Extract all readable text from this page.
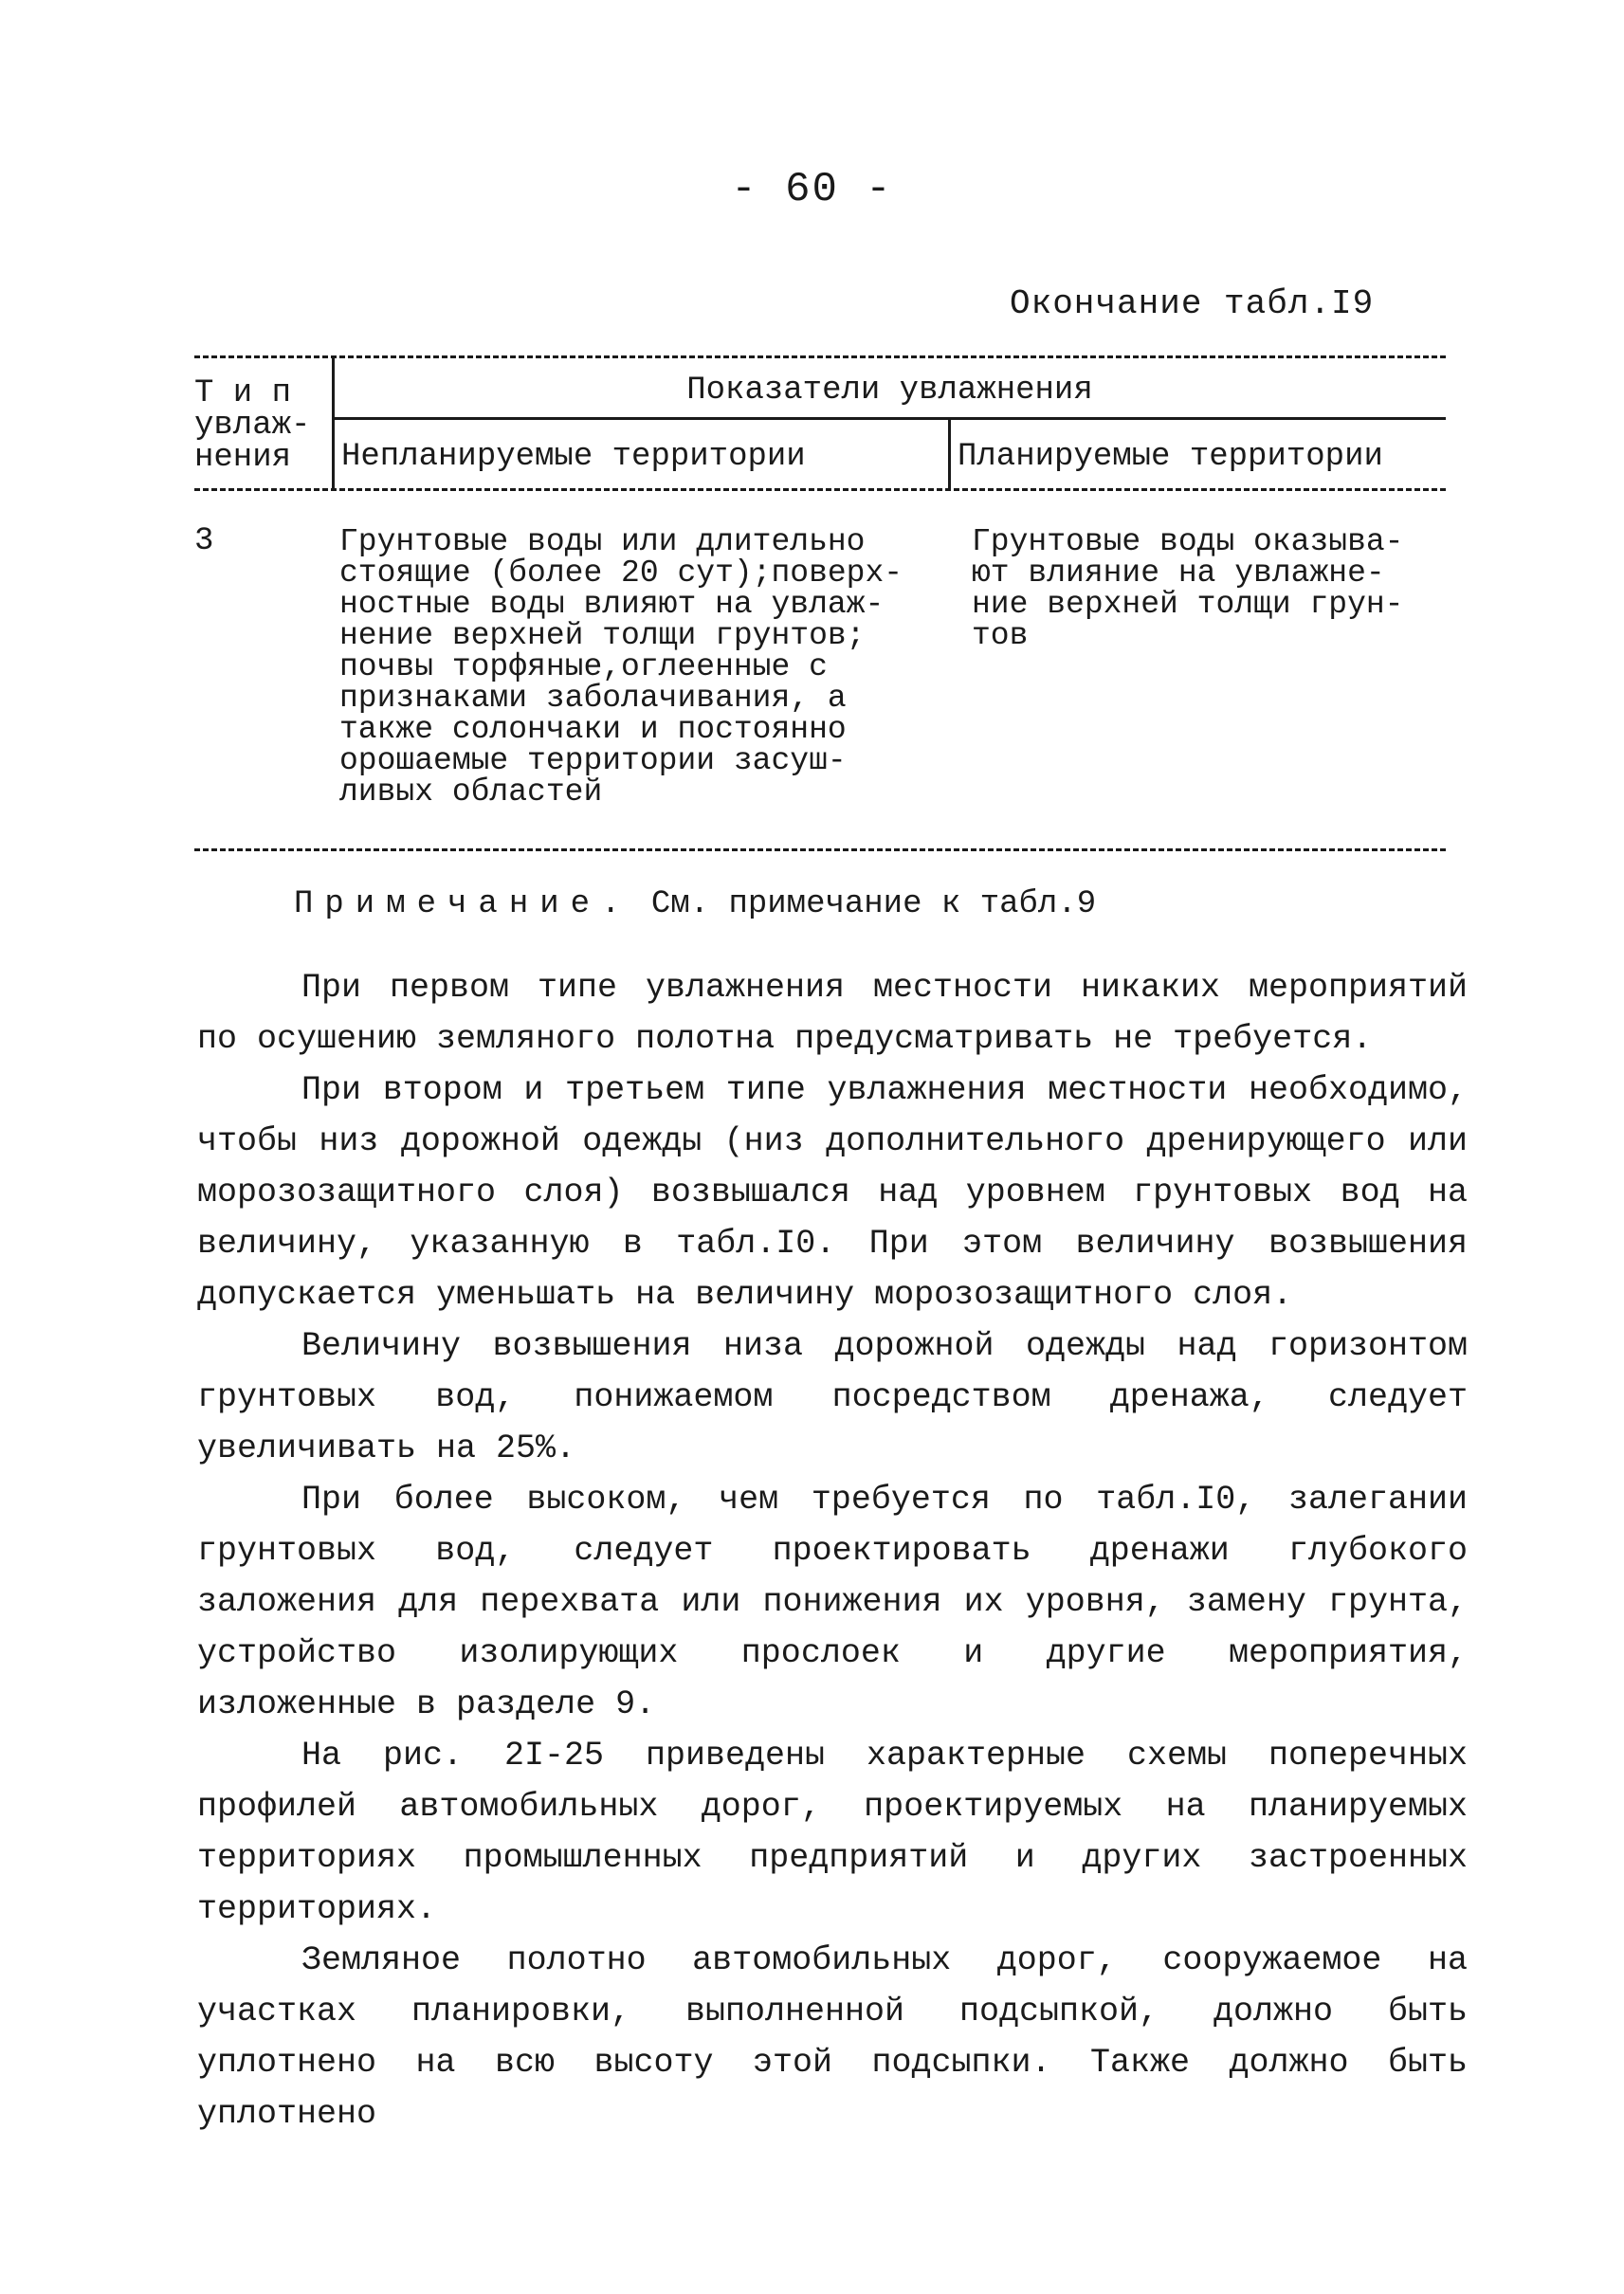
- 60 -
Окончание табл.I9
Т и п
увлаж-
нения
Показатели увлажнения
Непланируемые территории	Планируемые территории
3	Грунтовые воды или длительно
стоящие (более 20 сут);поверх-
ностные воды влияют на увлаж-
нение верхней толщи грунтов;
почвы торфяные,оглеенные с
признаками заболачивания, а
также солончаки и постоянно
орошаемые территории засуш-
ливых областей
Грунтовые воды оказыва-
ют влияние на увлажне-
ние верхней толщи грун-
тов
Примечание. См. примечание к табл.9

При первом типе увлажнения местности никаких мероприятий по осушению земляного полотна предусматривать не требуется.

При втором и третьем типе увлажнения местности необходимо, чтобы низ дорожной одежды (низ дополнительного дренирующего или морозозащитного слоя) возвышался над уровнем грунтовых вод на величину, указанную в табл.I0. При этом величину возвышения допускается уменьшать на величину морозозащитного слоя.

Величину возвышения низа дорожной одежды над горизонтом грунтовых вод, понижаемом посредством дренажа, следует увеличивать на 25%.

При более высоком, чем требуется по табл.I0, залегании грунтовых вод, следует проектировать дренажи глубокого заложения для перехвата или понижения их уровня, замену грунта, устройство изолирующих прослоек и другие мероприятия, изложенные в разделе 9.

На рис. 2I-25 приведены характерные схемы поперечных профилей автомобильных дорог, проектируемых на планируемых территориях промышленных предприятий и других застроенных территориях.

Земляное полотно автомобильных дорог, сооружаемое на участках планировки, выполненной подсыпкой, должно быть уплотнено на всю высоту этой подсыпки. Также должно быть уплотнено
